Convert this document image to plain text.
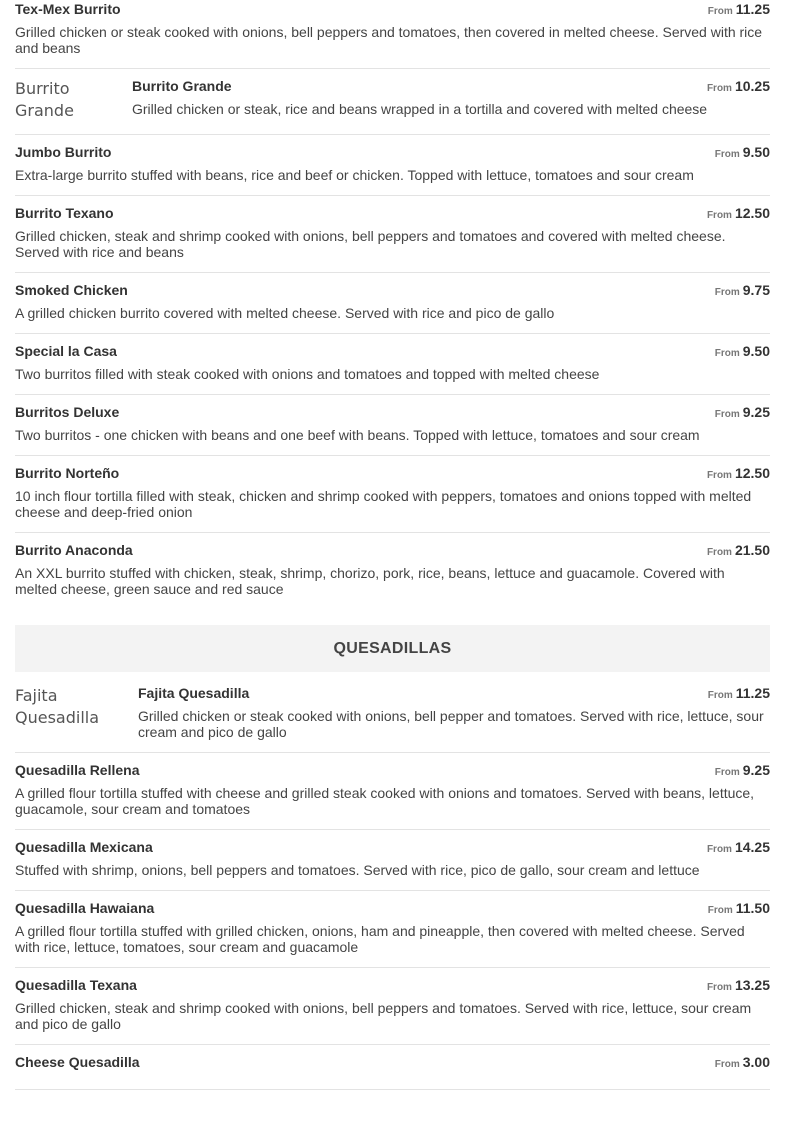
Tex-Mex Burrito	From 11.25
Grilled chicken or steak cooked with onions, bell peppers and tomatoes, then covered in melted cheese. Served with rice and beans
Burrito Grande
Burrito Grande	From 10.25
Grilled chicken or steak, rice and beans wrapped in a tortilla and covered with melted cheese
Jumbo Burrito	From 9.50
Extra-large burrito stuffed with beans, rice and beef or chicken. Topped with lettuce, tomatoes and sour cream
Burrito Texano	From 12.50
Grilled chicken, steak and shrimp cooked with onions, bell peppers and tomatoes and covered with melted cheese. Served with rice and beans
Smoked Chicken	From 9.75
A grilled chicken burrito covered with melted cheese. Served with rice and pico de gallo
Special la Casa	From 9.50
Two burritos filled with steak cooked with onions and tomatoes and topped with melted cheese
Burritos Deluxe	From 9.25
Two burritos - one chicken with beans and one beef with beans. Topped with lettuce, tomatoes and sour cream
Burrito Norteño	From 12.50
10 inch flour tortilla filled with steak, chicken and shrimp cooked with peppers, tomatoes and onions topped with melted cheese and deep-fried onion
Burrito Anaconda	From 21.50
An XXL burrito stuffed with chicken, steak, shrimp, chorizo, pork, rice, beans, lettuce and guacamole. Covered with melted cheese, green sauce and red sauce
QUESADILLAS
Fajita Quesadilla
Fajita Quesadilla	From 11.25
Grilled chicken or steak cooked with onions, bell pepper and tomatoes. Served with rice, lettuce, sour cream and pico de gallo
Quesadilla Rellena	From 9.25
A grilled flour tortilla stuffed with cheese and grilled steak cooked with onions and tomatoes. Served with beans, lettuce, guacamole, sour cream and tomatoes
Quesadilla Mexicana	From 14.25
Stuffed with shrimp, onions, bell peppers and tomatoes. Served with rice, pico de gallo, sour cream and lettuce
Quesadilla Hawaiana	From 11.50
A grilled flour tortilla stuffed with grilled chicken, onions, ham and pineapple, then covered with melted cheese. Served with rice, lettuce, tomatoes, sour cream and guacamole
Quesadilla Texana	From 13.25
Grilled chicken, steak and shrimp cooked with onions, bell peppers and tomatoes. Served with rice, lettuce, sour cream and pico de gallo
Cheese Quesadilla	From 3.00
